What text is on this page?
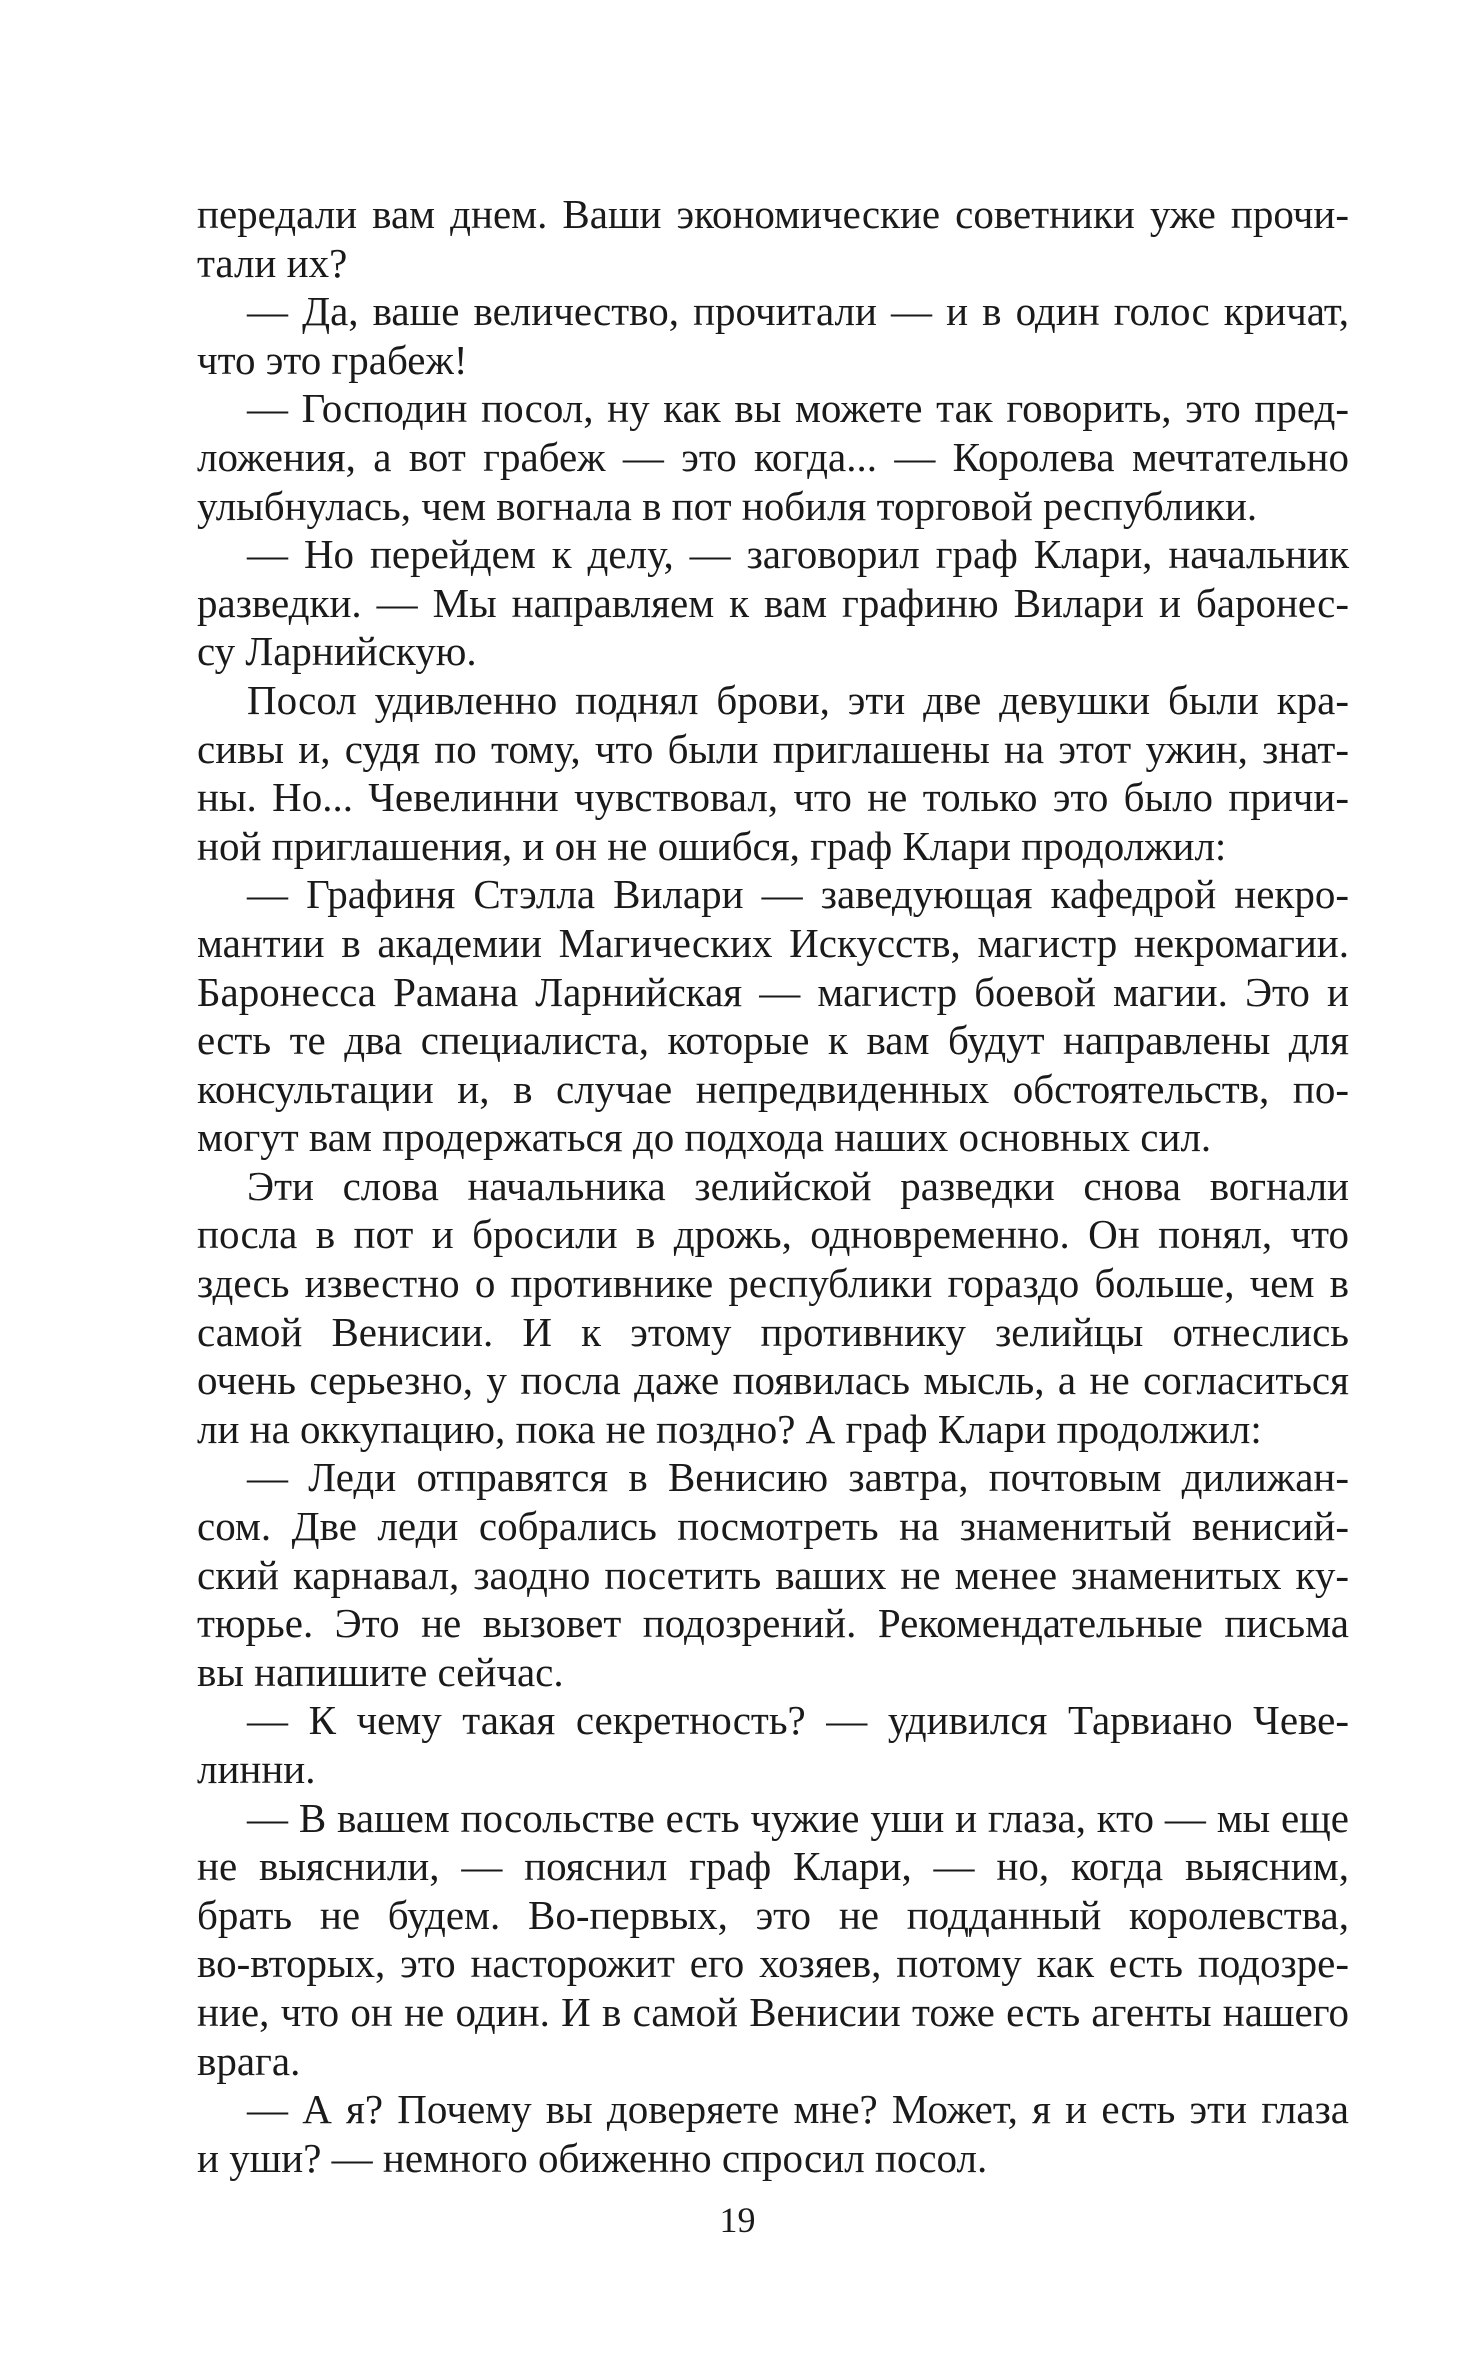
передали вам днем. Ваши экономические советники уже прочи-
тали их?
— Да, ваше величество, прочитали — и в один голос кричат,
что это грабеж!
— Господин посол, ну как вы можете так говорить, это пред-
ложения, а вот грабеж — это когда... — Королева мечтательно
улыбнулась, чем вогнала в пот нобиля торговой республики.
— Но перейдем к делу, — заговорил граф Клари, начальник
разведки. — Мы направляем к вам графиню Вилари и баронес-
су Ларнийскую.
Посол удивленно поднял брови, эти две девушки были кра-
сивы и, судя по тому, что были приглашены на этот ужин, знат-
ны. Но... Чевелинни чувствовал, что не только это было причи-
ной приглашения, и он не ошибся, граф Клари продолжил:
— Графиня Стэлла Вилари — заведующая кафедрой некро-
мантии в академии Магических Искусств, магистр некромагии.
Баронесса Рамана Ларнийская — магистр боевой магии. Это и
есть те два специалиста, которые к вам будут направлены для
консультации и, в случае непредвиденных обстоятельств, по-
могут вам продержаться до подхода наших основных сил.
Эти слова начальника зелийской разведки снова вогнали
посла в пот и бросили в дрожь, одновременно. Он понял, что
здесь известно о противнике республики гораздо больше, чем в
самой Венисии. И к этому противнику зелийцы отнеслись
очень серьезно, у посла даже появилась мысль, а не согласиться
ли на оккупацию, пока не поздно? А граф Клари продолжил:
— Леди отправятся в Венисию завтра, почтовым дилижан-
сом. Две леди собрались посмотреть на знаменитый венисий-
ский карнавал, заодно посетить ваших не менее знаменитых ку-
тюрье. Это не вызовет подозрений. Рекомендательные письма
вы напишите сейчас.
— К чему такая секретность? — удивился Тарвиано Чеве-
линни.
— В вашем посольстве есть чужие уши и глаза, кто — мы еще
не выяснили, — пояснил граф Клари, — но, когда выясним,
брать не будем. Во-первых, это не подданный королевства,
во-вторых, это насторожит его хозяев, потому как есть подозре-
ние, что он не один. И в самой Венисии тоже есть агенты нашего
врага.
— А я? Почему вы доверяете мне? Может, я и есть эти глаза
и уши? — немного обиженно спросил посол.
19
